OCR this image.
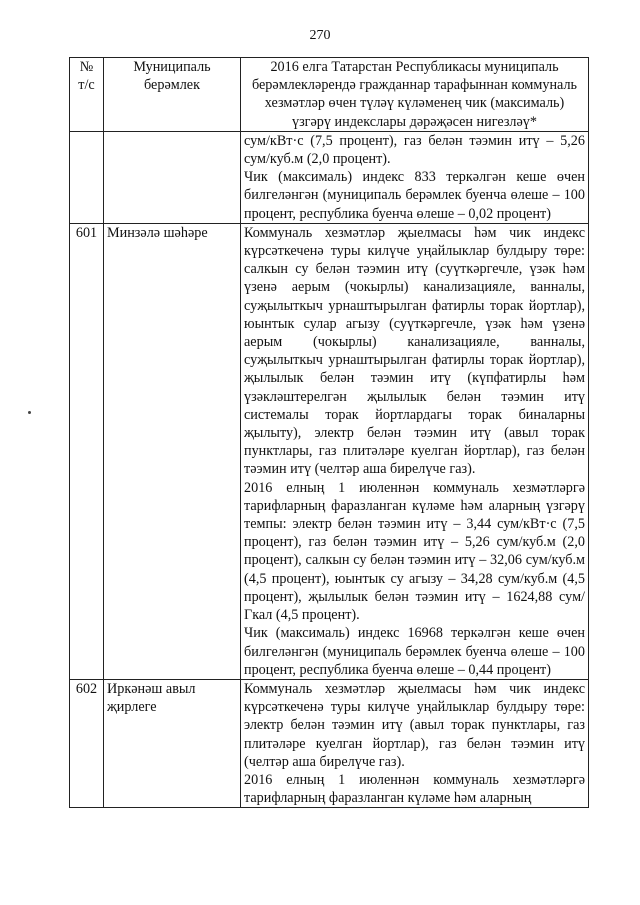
270
№
т/с	Муниципаль берәмлек	2016 елга Татарстан Республикасы муниципаль берәмлекләрендә гражданнар тарафыннан коммуналь хезмәтләр өчен түләү күләменең чик (максималь) үзгәрү индекслары дәрәҗәсен нигезләү*

		сум/кВт·с (7,5 процент), газ белән тәэмин итү – 5,26 сум/куб.м (2,0 процент).

Чик (максималь) индекс 833 теркәлгән кеше өчен билгеләнгән (муниципаль берәмлек буенча өлеше – 100 процент, республика буенча өлеше – 0,02 процент)

601	Минзәлә шәһәре	Коммуналь хезмәтләр җыелмасы һәм чик индекс күрсәткеченә туры килүче уңайлыклар булдыру төре: салкын су белән тәэмин итү (суүткәргечле, үзәк һәм үзенә аерым (чокырлы) канализацияле, ванналы, суҗылыткыч урнаштырылган фатирлы торак йортлар), юынтык сулар агызу (суүткәргечле, үзәк һәм үзенә аерым (чокырлы) канализацияле, ванналы, суҗылыткыч урнаштырылган фатирлы торак йортлар), җылылык белән тәэмин итү (күпфатирлы һәм үзәкләштерелгән җылылык белән тәэмин итү системалы торак йортлардагы торак биналарны җылыту), электр белән тәэмин итү (авыл торак пунктлары, газ плитәләре куелган йортлар), газ белән тәэмин итү (челтәр аша бирелүче газ).

2016 елның 1 июленнән коммуналь хезмәтләргә тарифларның фаразланган күләме һәм аларның үзгәрү темпы: электр белән тәэмин итү – 3,44 сум/кВт·с (7,5 процент), газ белән тәэмин итү – 5,26 сум/куб.м (2,0 процент), салкын су белән тәэмин итү – 32,06 сум/куб.м (4,5 процент), юынтык су агызу – 34,28 сум/куб.м (4,5 процент), җылылык белән тәэмин итү – 1624,88 сум/Гкал (4,5 процент).

Чик (максималь) индекс 16968 теркәлгән кеше өчен билгеләнгән (муниципаль берәмлек буенча өлеше – 100 процент, республика буенча өлеше – 0,44 процент)

602	Иркәнәш авыл җирлеге	Коммуналь хезмәтләр җыелмасы һәм чик индекс күрсәткеченә туры килүче уңайлыклар булдыру төре: электр белән тәэмин итү (авыл торак пунктлары, газ плитәләре куелган йортлар), газ белән тәэмин итү (челтәр аша бирелүче газ).

2016 елның 1 июленнән коммуналь хезмәтләргә тарифларның фаразланган күләме һәм аларның
